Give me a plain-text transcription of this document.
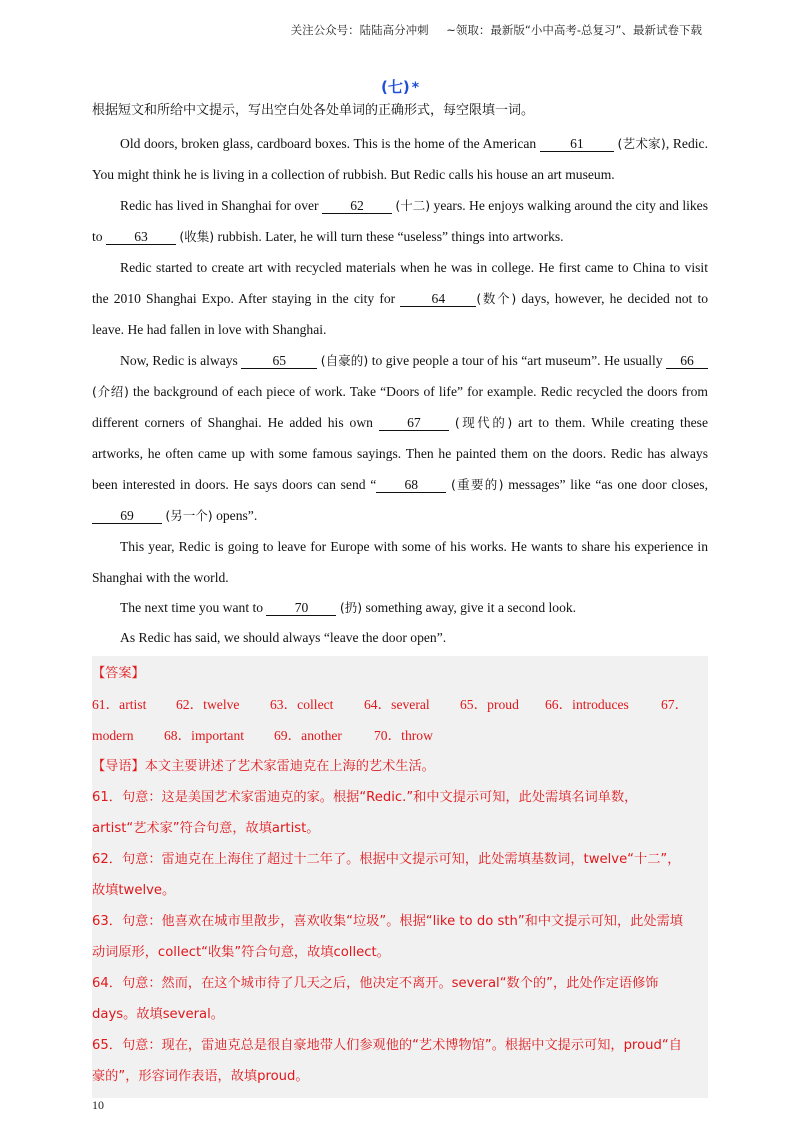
关注公众号：陆陆高分冲刺 ~领取：最新版“小中高考-总复习”、最新试卷下载
(七) *

根据短文和所给中文提示，写出空白处各处单词的正确形式，每空限填一词。

Old doors, broken glass, cardboard boxes. This is the home of the American 61	(艺术家), Redic. You might think he is living in a collection of rubbish. But Redic calls his house an art museum.

Redic has lived in Shanghai for over 62	(十二) years. He enjoys walking around the city and likes to 63	(收集) rubbish. Later, he will turn these “useless” things into artworks.

Redic started to create art with recycled materials when he was in college. He first came to China to visit the 2010 Shanghai Expo. After staying in the city for 64 (数个) days, however, he decided not to leave. He had fallen in love with Shanghai.

Now, Redic is always 65	(自豪的) to give people a tour of his “art museum”. He usually 66 (介绍) the background of each piece of work. Take “Doors of life” for example. Redic recycled the doors from different corners of Shanghai. He added his own 67	(现代的) art to them. While creating these artworks, he often came up with some famous sayings. Then he painted them on the doors. Redic has always been interested in doors. He says doors can send “ 68	(重要的) messages” like “as one door closes, 69	(另一个) opens”.

This year, Redic is going to leave for Europe with some of his works. He wants to share his experience in Shanghai with the world.

The next time you want to 70	(扔) something away, give it a second look.

As Redic has said, we should always “leave the door open”.

【答案】

61．artist	62．twelve	63．collect	64．several	65．proud	66．introduces	67．
modern	68．important	69．another	70．throw

【导语】本文主要讲述了艺术家雷迪克在上海的艺术生活。

61．句意：这是美国艺术家雷迪克的家。根据“Redic.”和中文提示可知，此处需填名词单数，

artist“艺术家”符合句意，故填artist。

62．句意：雷迪克在上海住了超过十二年了。根据中文提示可知，此处需填基数词，twelve“十二”，

故填twelve。

63．句意：他喜欢在城市里散步，喜欢收集“垃圾”。根据“like to do sth”和中文提示可知，此处需填

动词原形，collect“收集”符合句意，故填collect。

64．句意：然而，在这个城市待了几天之后，他决定不离开。several“数个的”，此处作定语修饰

days。故填several。

65．句意：现在，雷迪克总是很自豪地带人们参观他的“艺术博物馆”。根据中文提示可知，proud“自

豪的”，形容词作表语，故填proud。

10
